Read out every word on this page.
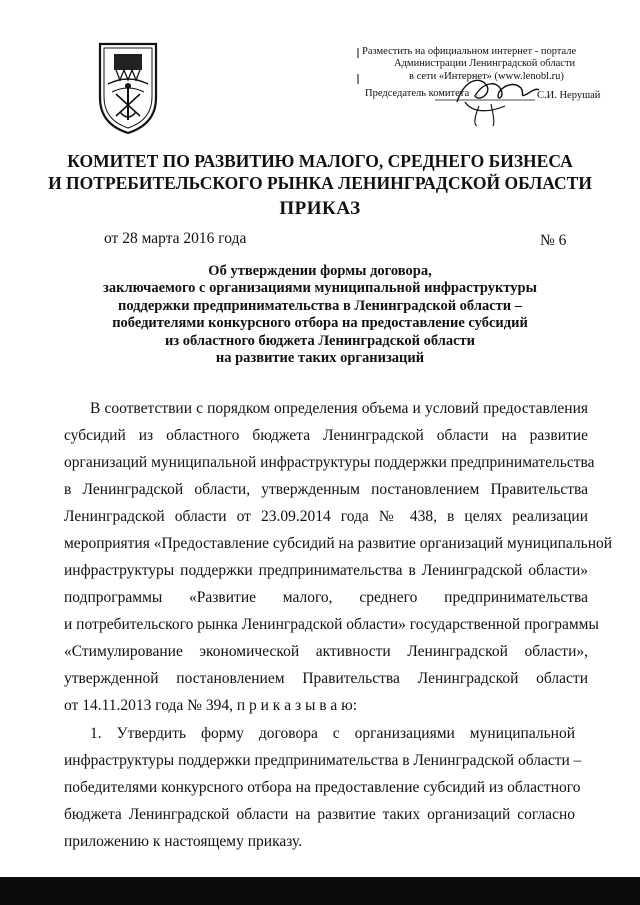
Разместить на официальном интернет - портале
Администрации Ленинградской области
в сети «Интернет» (www.lenobl.ru)
Председатель комитета	С.И. Нерушай
КОМИТЕТ ПО РАЗВИТИЮ МАЛОГО, СРЕДНЕГО БИЗНЕСА
И ПОТРЕБИТЕЛЬСКОГО РЫНКА ЛЕНИНГРАДСКОЙ ОБЛАСТИ
ПРИКАЗ
от 28 марта 2016 года	№ 6
Об утверждении формы договора,
заключаемого с организациями муниципальной инфраструктуры
поддержки предпринимательства в Ленинградской области –
победителями конкурсного отбора на предоставление субсидий
из областного бюджета Ленинградской области
на развитие таких организаций
В соответствии с порядком определения объема и условий предоставления
субсидий из областного бюджета Ленинградской области на развитие
организаций муниципальной инфраструктуры поддержки предпринимательства
в Ленинградской области, утвержденным постановлением Правительства
Ленинградской области от 23.09.2014 года № 438, в целях реализации
мероприятия «Предоставление субсидий на развитие организаций муниципальной
инфраструктуры поддержки предпринимательства в Ленинградской области»
подпрограммы «Развитие малого, среднего предпринимательства
и потребительского рынка Ленинградской области» государственной программы
«Стимулирование экономической активности Ленинградской области»,
утвержденной постановлением Правительства Ленинградской области
от 14.11.2013 года № 394, п р и к а з ы в а ю:
1. Утвердить форму договора с организациями муниципальной
инфраструктуры поддержки предпринимательства в Ленинградской области –
победителями конкурсного отбора на предоставление субсидий из областного
бюджета Ленинградской области на развитие таких организаций согласно
приложению к настоящему приказу.
